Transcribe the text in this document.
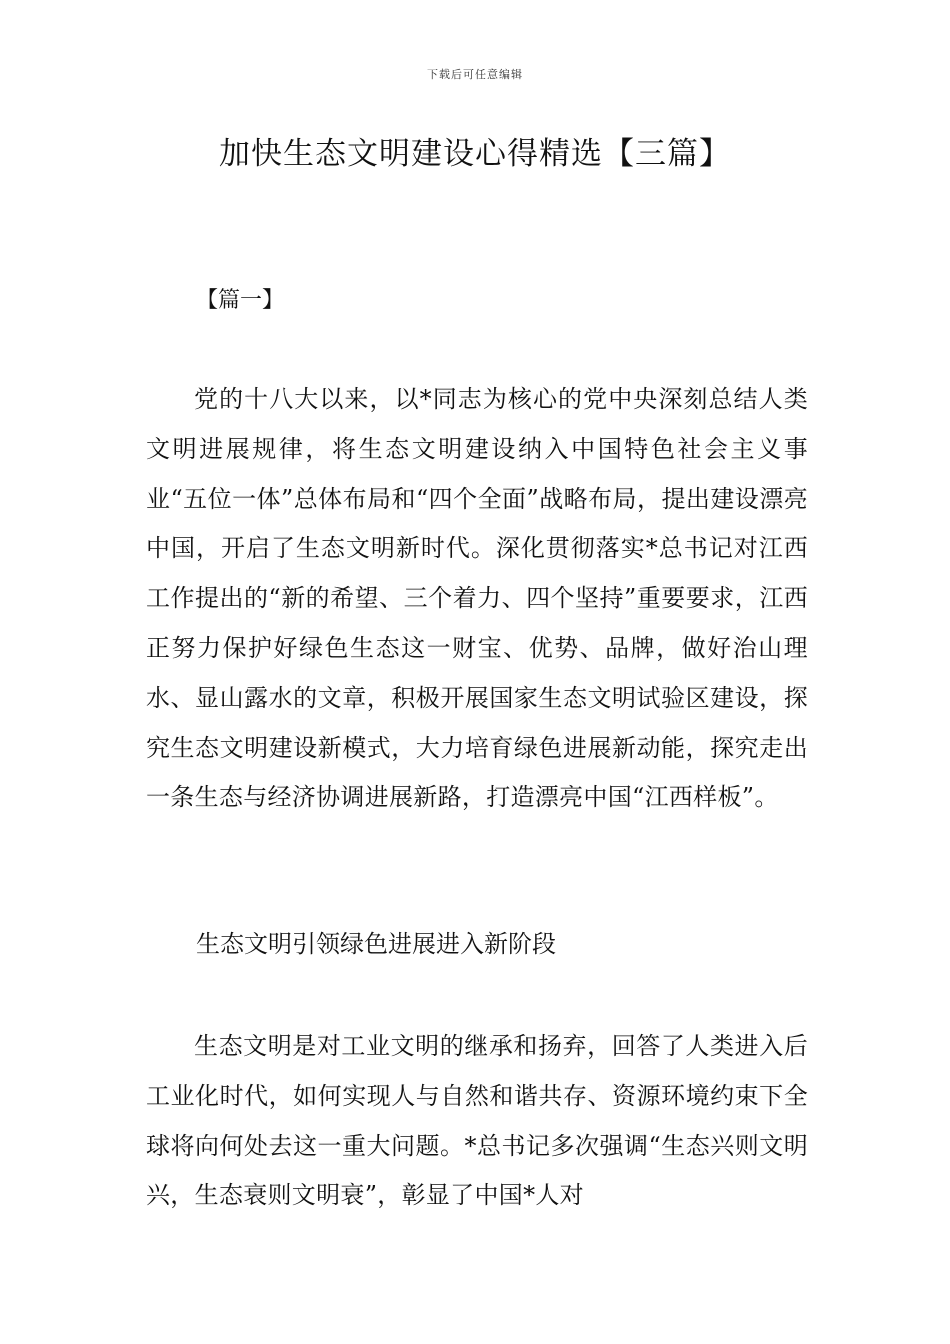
下载后可任意编辑
加快生态文明建设心得精选【三篇】
【篇一】

党的十八大以来，以*同志为核心的党中央深刻总结人类文明进展规律，将生态文明建设纳入中国特色社会主义事业“五位一体”总体布局和“四个全面”战略布局，提出建设漂亮中国，开启了生态文明新时代。深化贯彻落实*总书记对江西工作提出的“新的希望、三个着力、四个坚持”重要要求，江西正努力保护好绿色生态这一财宝、优势、品牌，做好治山理水、显山露水的文章，积极开展国家生态文明试验区建设，探究生态文明建设新模式，大力培育绿色进展新动能，探究走出一条生态与经济协调进展新路，打造漂亮中国“江西样板”。

生态文明引领绿色进展进入新阶段

生态文明是对工业文明的继承和扬弃，回答了人类进入后工业化时代，如何实现人与自然和谐共存、资源环境约束下全球将向何处去这一重大问题。*总书记多次强调“生态兴则文明兴，生态衰则文明衰”，彰显了中国*人对
